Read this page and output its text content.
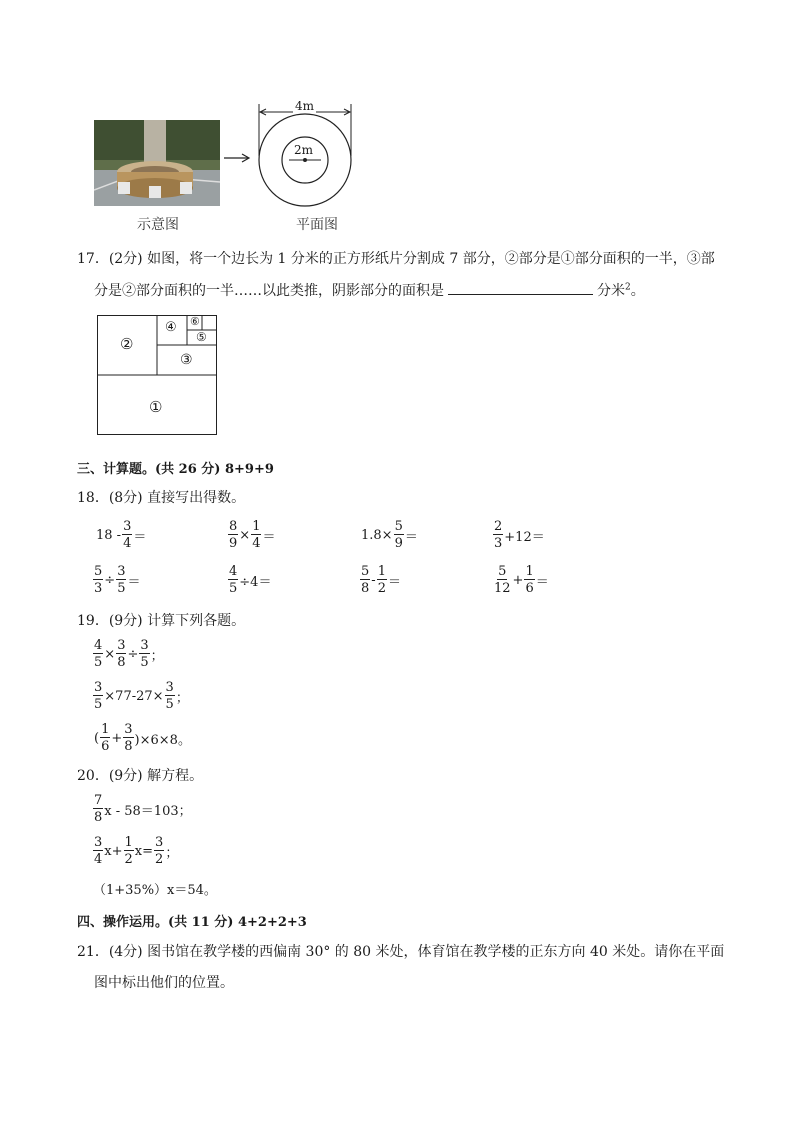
4m
2m
示意图	平面图
17．(2分) 如图，将一个边长为 1 分米的正方形纸片分割成 7 部分，②部分是①部分面积的一半，③部
分是②部分面积的一半……以此类推，阴影部分的面积是	分米$^2$。
①
②
③
④
⑤
⑥
三、计算题。(共 26 分) 8+9+9
18．(8分) 直接写出得数。
$18 - \frac{3}{4}$ ＝	$\frac{8}{9} \times \frac{1}{4}$ ＝	$1.8\times \frac{5}{9}$ ＝	$\frac{2}{3} +12=$
$\frac{5}{3} \div \frac{3}{5}$ ＝	$\frac{4}{5} \div 4=$	$\frac{5}{8} - \frac{1}{2}$ ＝	$\frac{5}{12} + \frac{1}{6}$ ＝
19．(9分) 计算下列各题。
$\frac{4}{5} \times \frac{3}{8} \div \frac{3}{5}$ ；
$\frac{3}{5} \times 77-27\times \frac{3}{5}$ ；
( $\frac{1}{6} + \frac{3}{8} )\times 6\times 8$。
20．(9分) 解方程。
$\frac{7}{8}$ x - 58＝103；
$\frac{3}{4} x+ \frac{1}{2} x= \frac{3}{2}$ ；
（1+35%）x＝54。
四、操作运用。(共 11 分) 4+2+2+3
21．(4分) 图书馆在教学楼的西偏南 30° 的 80 米处，体育馆在教学楼的正东方向 40 米处。请你在平面
图中标出他们的位置。
